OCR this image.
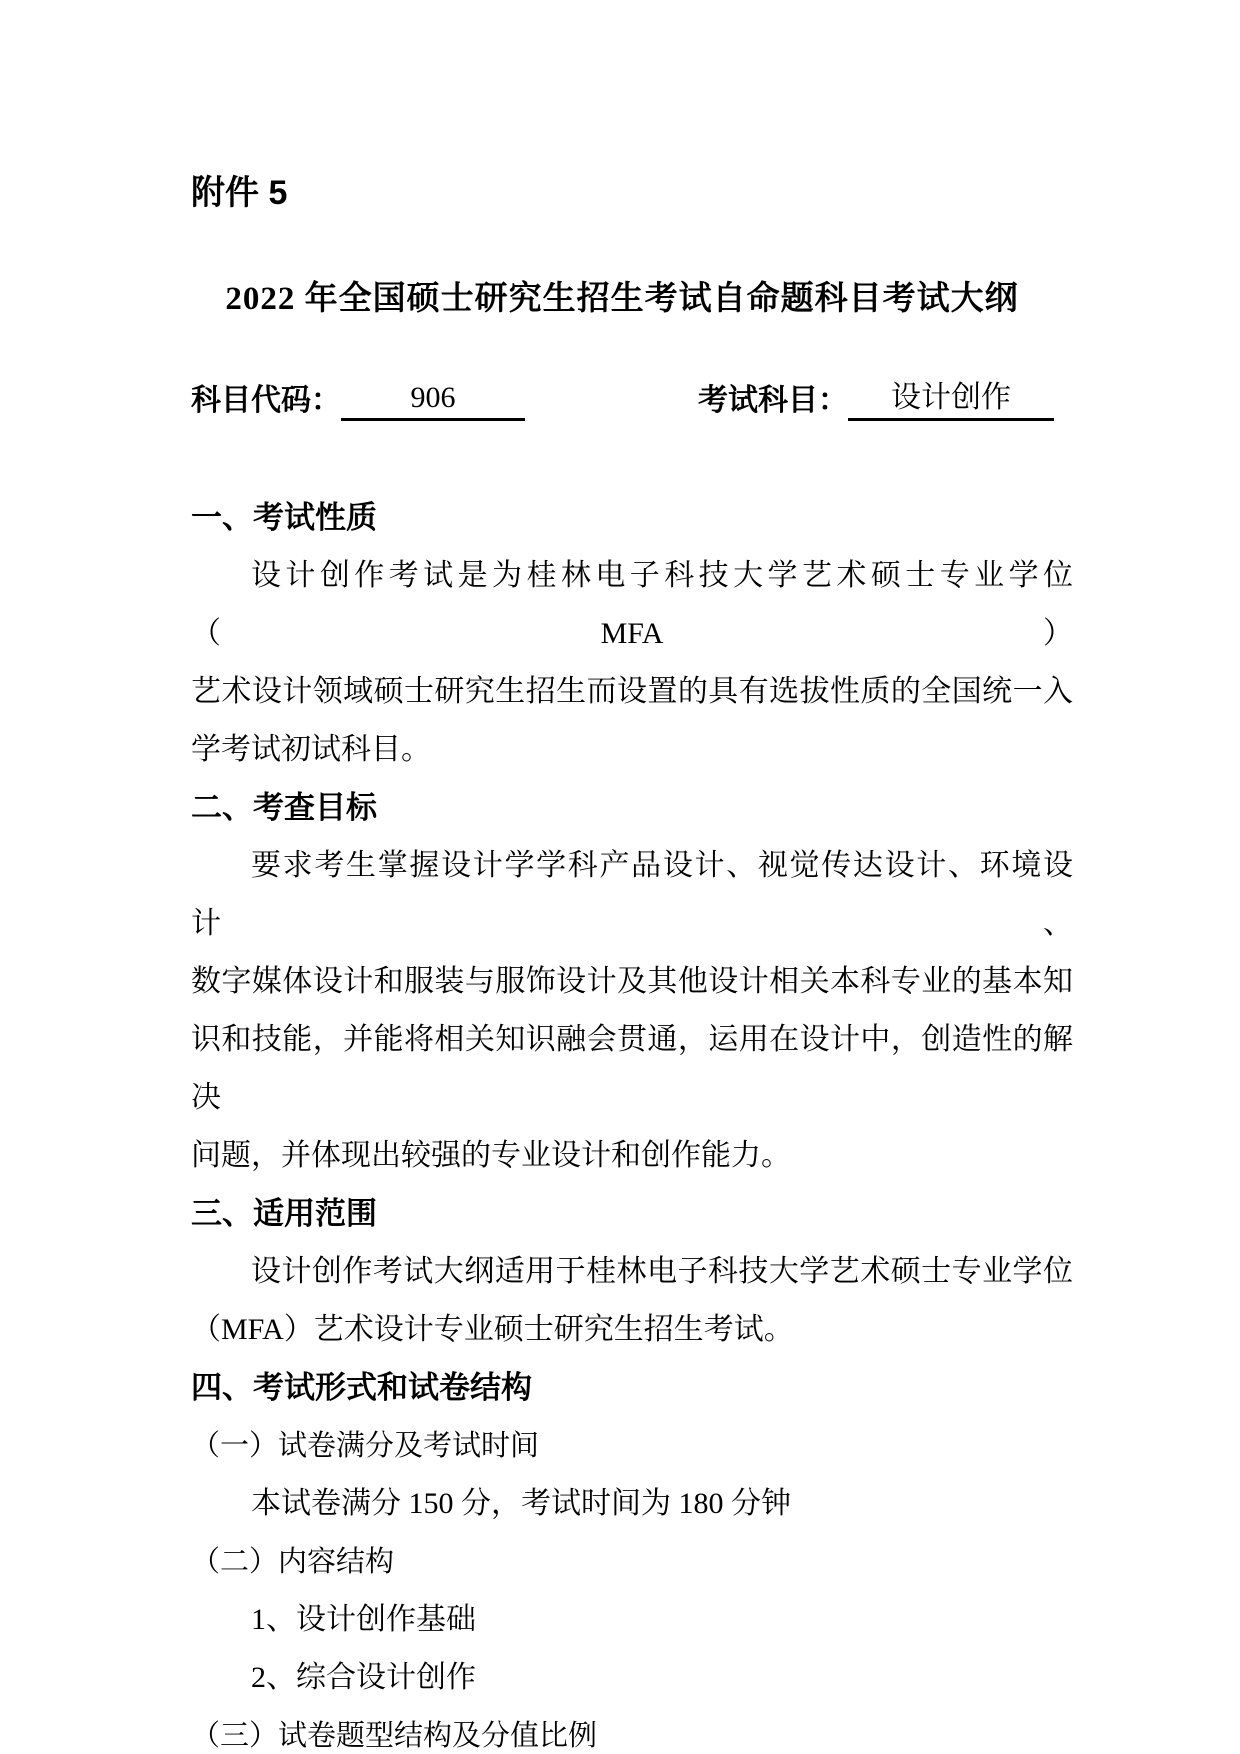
附件 5
2022 年全国硕士研究生招生考试自命题科目考试大纲
科目代码：	906	考试科目：	设计创作
一、考试性质
设计创作考试是为桂林电子科技大学艺术硕士专业学位（MFA）
艺术设计领域硕士研究生招生而设置的具有选拔性质的全国统一入
学考试初试科目。
二、考查目标
要求考生掌握设计学学科产品设计、视觉传达设计、环境设计、
数字媒体设计和服装与服饰设计及其他设计相关本科专业的基本知
识和技能，并能将相关知识融会贯通，运用在设计中，创造性的解决
问题，并体现出较强的专业设计和创作能力。
三、适用范围
设计创作考试大纲适用于桂林电子科技大学艺术硕士专业学位
（MFA）艺术设计专业硕士研究生招生考试。
四、考试形式和试卷结构
（一）试卷满分及考试时间
本试卷满分 150 分，考试时间为 180 分钟
（二）内容结构
1、设计创作基础
2、综合设计创作
（三）试卷题型结构及分值比例
